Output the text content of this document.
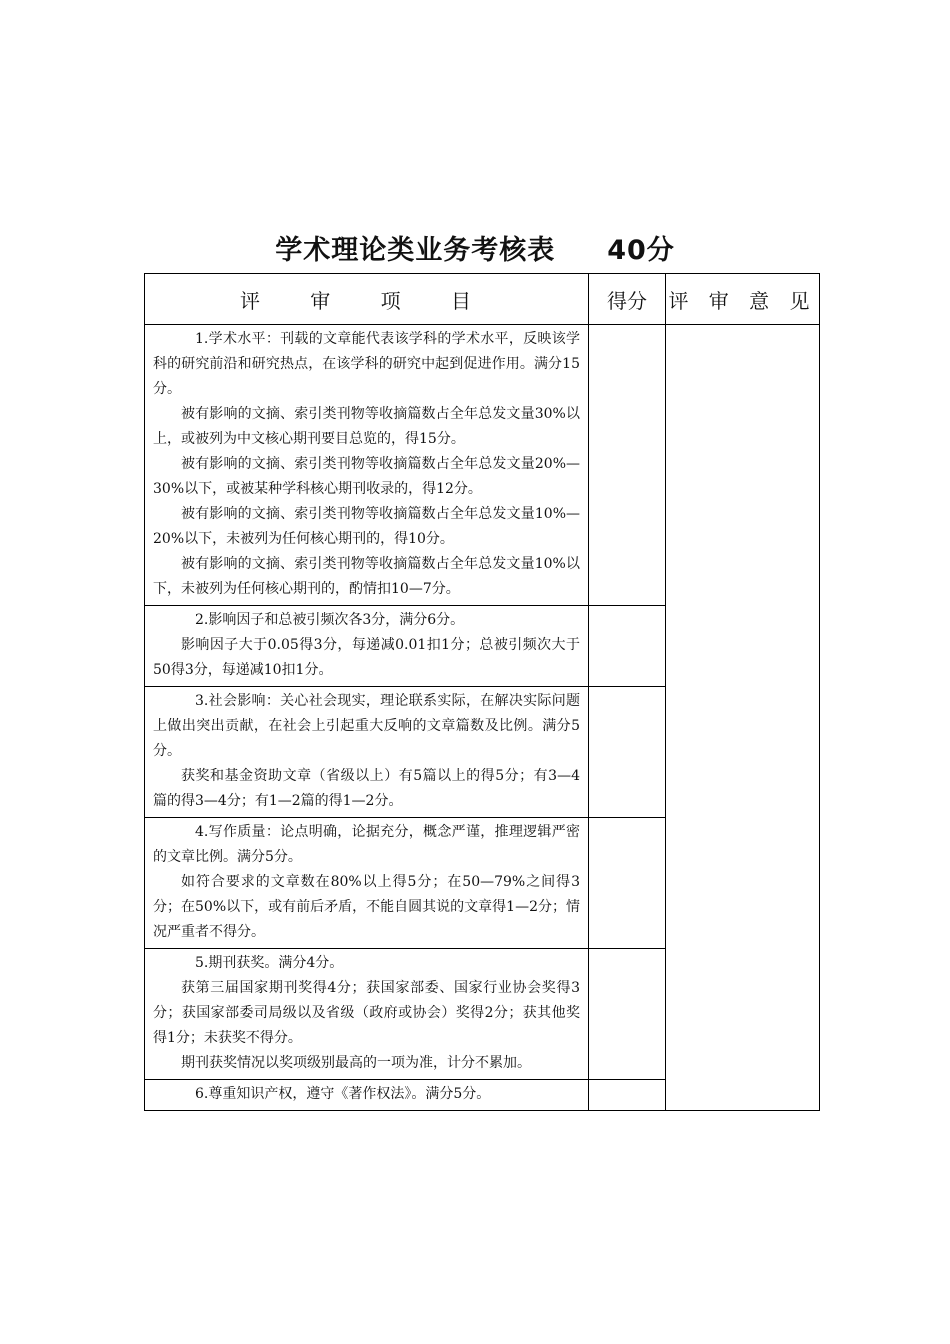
学术理论类业务考核表 40分
评 审 项 目	得分	评 审 意 见

1.学术水平：刊载的文章能代表该学科的学术水平，反映该学科的研究前沿和研究热点，在该学科的研究中起到促进作用。满分15分。
被有影响的文摘、索引类刊物等收摘篇数占全年总发文量30%以上，或被列为中文核心期刊要目总览的，得15分。
被有影响的文摘、索引类刊物等收摘篇数占全年总发文量20%—30%以下，或被某种学科核心期刊收录的，得12分。
被有影响的文摘、索引类刊物等收摘篇数占全年总发文量10%—20%以下，未被列为任何核心期刊的，得10分。
被有影响的文摘、索引类刊物等收摘篇数占全年总发文量10%以下，未被列为任何核心期刊的，酌情扣10—7分。		

2.影响因子和总被引频次各3分，满分6分。
影响因子大于0.05得3分，每递减0.01扣1分；总被引频次大于50得3分，每递减10扣1分。		

3.社会影响：关心社会现实，理论联系实际，在解决实际问题上做出突出贡献，在社会上引起重大反响的文章篇数及比例。满分5分。
获奖和基金资助文章（省级以上）有5篇以上的得5分；有3—4篇的得3—4分；有1—2篇的得1—2分。		

4.写作质量：论点明确，论据充分，概念严谨，推理逻辑严密的文章比例。满分5分。
如符合要求的文章数在80%以上得5分；在50—79%之间得3分；在50%以下，或有前后矛盾，不能自圆其说的文章得1—2分；情况严重者不得分。		

5.期刊获奖。满分4分。
获第三届国家期刊奖得4分；获国家部委、国家行业协会奖得3分；获国家部委司局级以及省级（政府或协会）奖得2分；获其他奖得1分；未获奖不得分。
期刊获奖情况以奖项级别最高的一项为准，计分不累加。		

6.尊重知识产权，遵守《著作权法》。满分5分。		
